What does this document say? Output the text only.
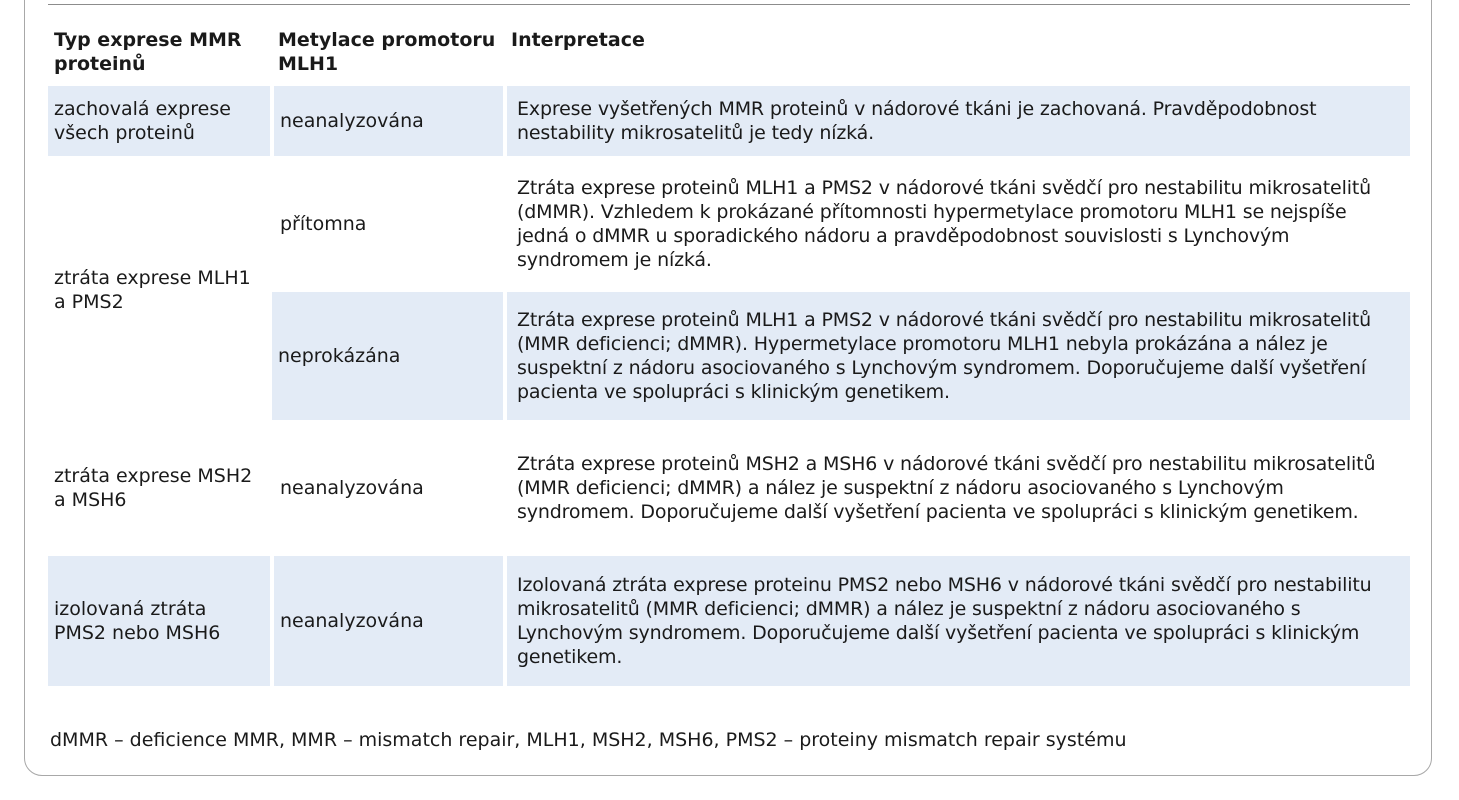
Typ exprese MMR proteinů	Metylace promotoru MLH1	Interpretace
zachovalá exprese všech proteinů	neanalyzována	Exprese vyšetřených MMR proteinů v nádorové tkáni je zachovaná. Pravděpodobnost nestability mikrosatelitů je tedy nízká.
ztráta exprese MLH1 a PMS2	přítomna	Ztráta exprese proteinů MLH1 a PMS2 v nádorové tkáni svědčí pro nestabilitu mikrosatelitů (dMMR). Vzhledem k prokázané přítomnosti hypermetylace promotoru MLH1 se nejspíše jedná o dMMR u sporadického nádoru a pravděpodobnost souvislosti s Lynchovým syndromem je nízká.
	neprokázána	Ztráta exprese proteinů MLH1 a PMS2 v nádorové tkáni svědčí pro nestabilitu mikrosatelitů (MMR deficienci; dMMR). Hypermetylace promotoru MLH1 nebyla prokázána a nález je suspektní z nádoru asociovaného s Lynchovým syndromem. Doporučujeme další vyšetření pacienta ve spolupráci s klinickým genetikem.
ztráta exprese MSH2 a MSH6	neanalyzována	Ztráta exprese proteinů MSH2 a MSH6 v nádorové tkáni svědčí pro nestabilitu mikrosatelitů (MMR deficienci; dMMR) a nález je suspektní z nádoru asociovaného s Lynchovým syndromem. Doporučujeme další vyšetření pacienta ve spolupráci s klinickým genetikem.
izolovaná ztráta PMS2 nebo MSH6	neanalyzována	Izolovaná ztráta exprese proteinu PMS2 nebo MSH6 v nádorové tkáni svědčí pro nestabilitu mikrosatelitů (MMR deficienci; dMMR) a nález je suspektní z nádoru asociovaného s Lynchovým syndromem. Doporučujeme další vyšetření pacienta ve spolupráci s klinickým genetikem.
dMMR – deficience MMR, MMR – mismatch repair, MLH1, MSH2, MSH6, PMS2 – proteiny mismatch repair systému
